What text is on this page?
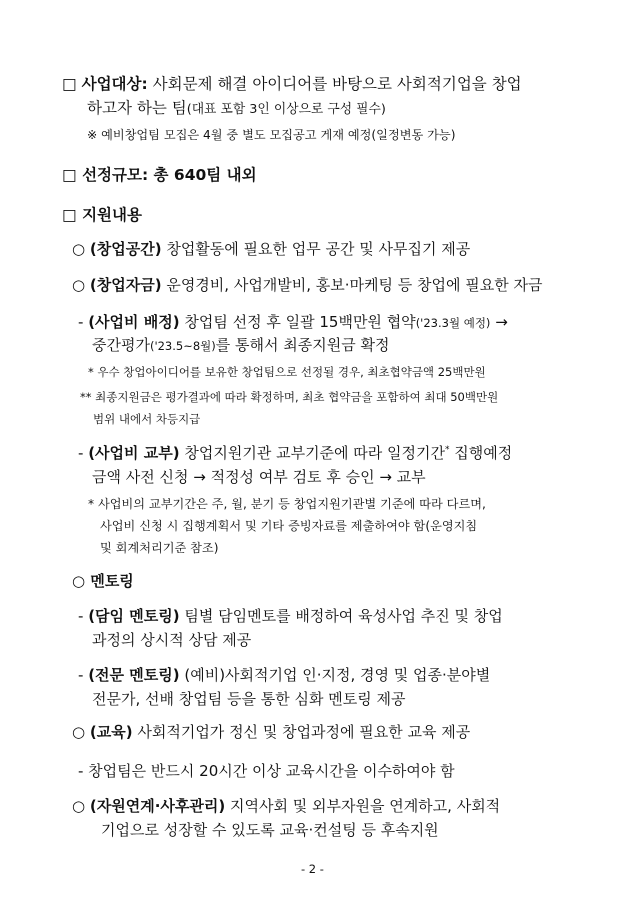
□ 사업대상: 사회문제 해결 아이디어를 바탕으로 사회적기업을 창업
하고자 하는 팀(대표 포함 3인 이상으로 구성 필수)
※ 예비창업팀 모집은 4월 중 별도 모집공고 게재 예정(일정변동 가능)
□ 선정규모: 총 640팀 내외
□ 지원내용
○ (창업공간) 창업활동에 필요한 업무 공간 및 사무집기 제공
○ (창업자금) 운영경비, 사업개발비, 홍보·마케팅 등 창업에 필요한 자금
- (사업비 배정) 창업팀 선정 후 일괄 15백만원 협약('23.3월 예정) →
중간평가('23.5~8월)를 통해서 최종지원금 확정
* 우수 창업아이디어를 보유한 창업팀으로 선정될 경우, 최초협약금액 25백만원
** 최종지원금은 평가결과에 따라 확정하며, 최초 협약금을 포함하여 최대 50백만원
범위 내에서 차등지급
- (사업비 교부) 창업지원기관 교부기준에 따라 일정기간* 집행예정
금액 사전 신청 → 적정성 여부 검토 후 승인 → 교부
* 사업비의 교부기간은 주, 월, 분기 등 창업지원기관별 기준에 따라 다르며,
사업비 신청 시 집행계획서 및 기타 증빙자료를 제출하여야 함(운영지침
및 회계처리기준 참조)
○ 멘토링
- (담임 멘토링) 팀별 담임멘토를 배정하여 육성사업 추진 및 창업
과정의 상시적 상담 제공
- (전문 멘토링) (예비)사회적기업 인·지정, 경영 및 업종·분야별
전문가, 선배 창업팀 등을 통한 심화 멘토링 제공
○ (교육) 사회적기업가 정신 및 창업과정에 필요한 교육 제공
- 창업팀은 반드시 20시간 이상 교육시간을 이수하여야 함
○ (자원연계·사후관리) 지역사회 및 외부자원을 연계하고, 사회적
기업으로 성장할 수 있도록 교육·컨설팅 등 후속지원
- 2 -
